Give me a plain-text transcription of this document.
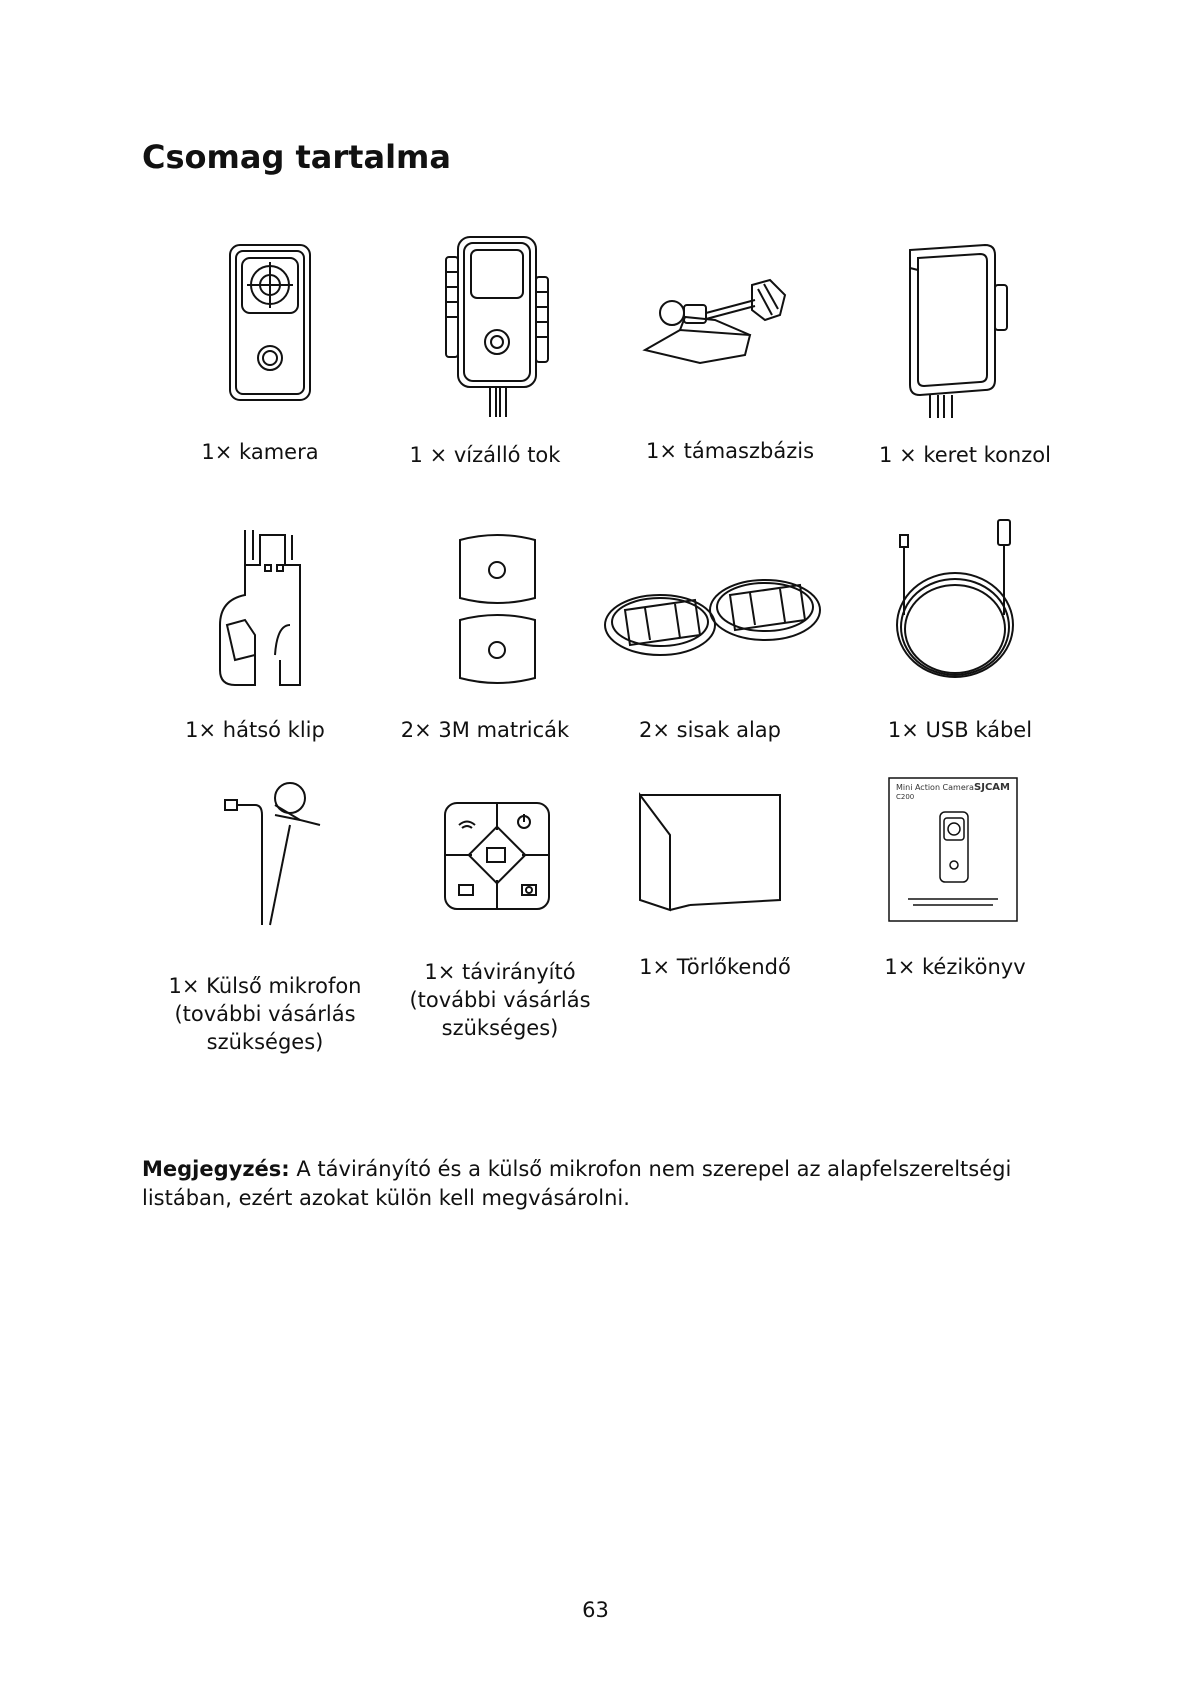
Csomag tartalma
1× kamera	1 × vízálló tok	1× támaszbázis	1 × keret konzol
1× hátsó klip	2× 3M matricák	2× sisak alap	1× USB kábel
Mini Action Camera
C200
SJCAM
1× Külső mikrofon
(további vásárlás
szükséges)
1× távirányító
(további vásárlás
szükséges)
1× Törlőkendő	1× kézikönyv

Megjegyzés: A távirányító és a külső mikrofon nem szerepel az alapfelszereltségi listában, ezért azokat külön kell megvásárolni.

63
